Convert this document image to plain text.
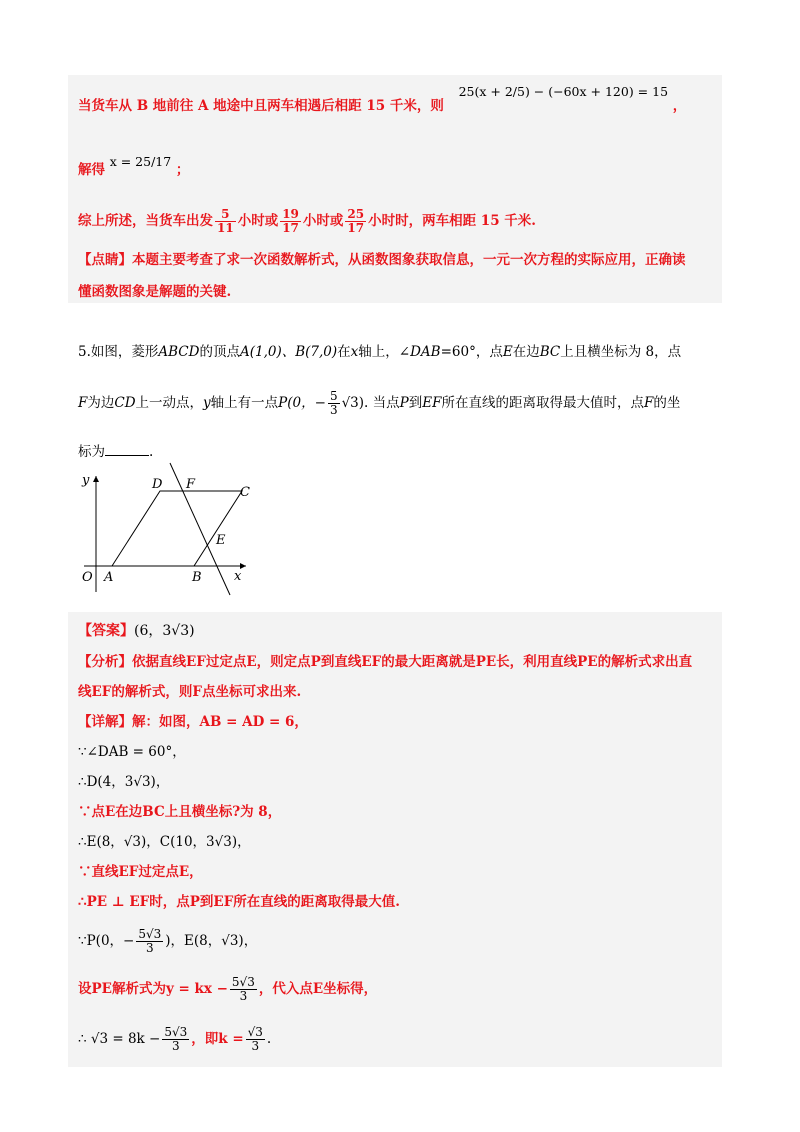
当货车从 B 地前往 A 地途中且两车相遇后相距 15 千米，则 25(x + 2/5) − (−60x + 120) = 15 ，
解得 x = 25/17 ；
综上所述，当货车出发 $\frac{5}{11}$ 小时或 $\frac{19}{17}$ 小时或 $\frac{25}{17}$ 小时时，两车相距 15 千米.
【点睛】本题主要考查了求一次函数解析式，从函数图象获取信息，一元一次方程的实际应用，正确读
懂函数图象是解题的关键.
5.如图，菱形ABCD的顶点A(1,0)、B(7,0)在x轴上，∠DAB=60°，点E在边BC上且横坐标为 8，点
F为边CD上一动点，y轴上有一点P(0，− $\frac{5}{3} √3$). 当点P到EF所在直线的距离取得最大值时，点F的坐
标为	.
y
x
O A	B
C
D F
E
【答案】(6，3√3)
【分析】依据直线EF过定点E，则定点P到直线EF的最大距离就是PE长，利用直线PE的解析式求出直
线EF的解析式，则F点坐标可求出来.
【详解】解：如图，AB = AD = 6，
∵∠DAB = 60°，
∴D(4，3√3)，
∵点E在边BC上且横坐标?为 8，
∴E(8，√3)，C(10，3√3)，
∵直线EF过定点E，
∴PE ⊥ EF时，点P到EF所在直线的距离取得最大值.
∵P(0，− $\frac{5√3}{3}$ )，E(8，√3)，
设PE解析式为y = kx − $\frac{5√3}{3}$ ，代入点E坐标得，
∴ $√3 = 8k - \frac{5√3}{3}$ ，即$k = \frac{√3}{3}$ .
